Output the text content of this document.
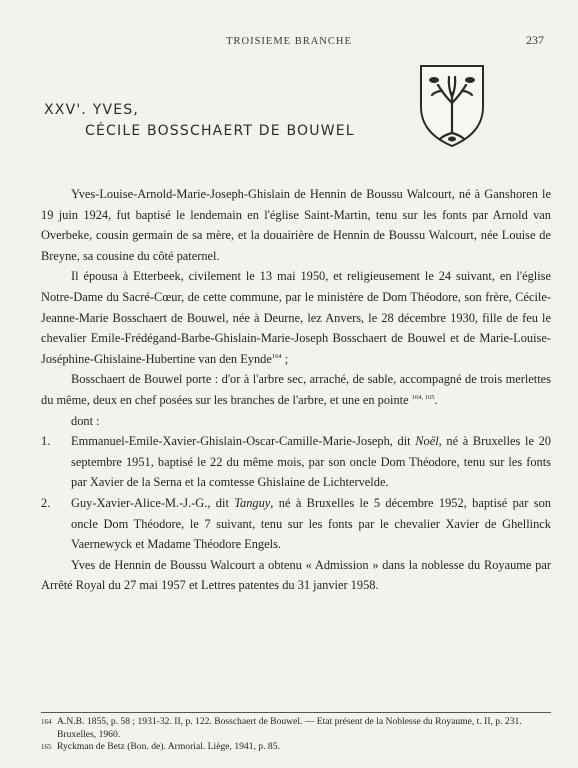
TROISIEME BRANCHE	237
XXV'. YVES,
CÉCILE BOSSCHAERT DE BOUWEL

Yves-Louise-Arnold-Marie-Joseph-Ghislain de Hennin de Boussu Walcourt, né à Ganshoren le 19 juin 1924, fut baptisé le lendemain en l'église Saint-Martin, tenu sur les fonts par Arnold van Overbeke, cousin germain de sa mère, et la douairière de Hennin de Boussu Walcourt, née Louise de Breyne, sa cousine du côté paternel.

Il épousa à Etterbeek, civilement le 13 mai 1950, et religieusement le 24 suivant, en l'église Notre-Dame du Sacré-Cœur, de cette commune, par le ministère de Dom Théodore, son frère, Cécile-Jeanne-Marie Bosschaert de Bouwel, née à Deurne, lez Anvers, le 28 décembre 1930, fille de feu le chevalier Emile-Frédégand-Barbe-Ghislain-Marie-Joseph Bosschaert de Bouwel et de Marie-Louise-Joséphine-Ghislaine-Hubertine van den Eynde$^{164}$ ;

Bosschaert de Bouwel porte : d'or à l'arbre sec, arraché, de sable, accompagné de trois merlettes du même, deux en chef posées sur les branches de l'arbre, et une en pointe $^{164, 165}$.

dont :

1. Emmanuel-Emile-Xavier-Ghislain-Oscar-Camille-Marie-Joseph, dit Noël, né à Bruxelles le 20 septembre 1951, baptisé le 22 du même mois, par son oncle Dom Théodore, tenu sur les fonts par Xavier de la Serna et la comtesse Ghislaine de Lichtervelde.
2. Guy-Xavier-Alice-M.-J.-G., dit Tanguy, né à Bruxelles le 5 décembre 1952, baptisé par son oncle Dom Théodore, le 7 suivant, tenu sur les fonts par le chevalier Xavier de Ghellinck Vaernewyck et Madame Théodore Engels.

Yves de Hennin de Boussu Walcourt a obtenu « Admission » dans la noblesse du Royaume par Arrêté Royal du 27 mai 1957 et Lettres patentes du 31 janvier 1958.

164 A.N.B. 1855, p. 58 ; 1931-32. II, p. 122. Bosschaert de Bouwel. — Etat présent de la Noblesse du Royaume, t. II, p. 231. Bruxelles, 1960.
165 Ryckman de Betz (Bon. de). Armorial. Liège, 1941, p. 85.
